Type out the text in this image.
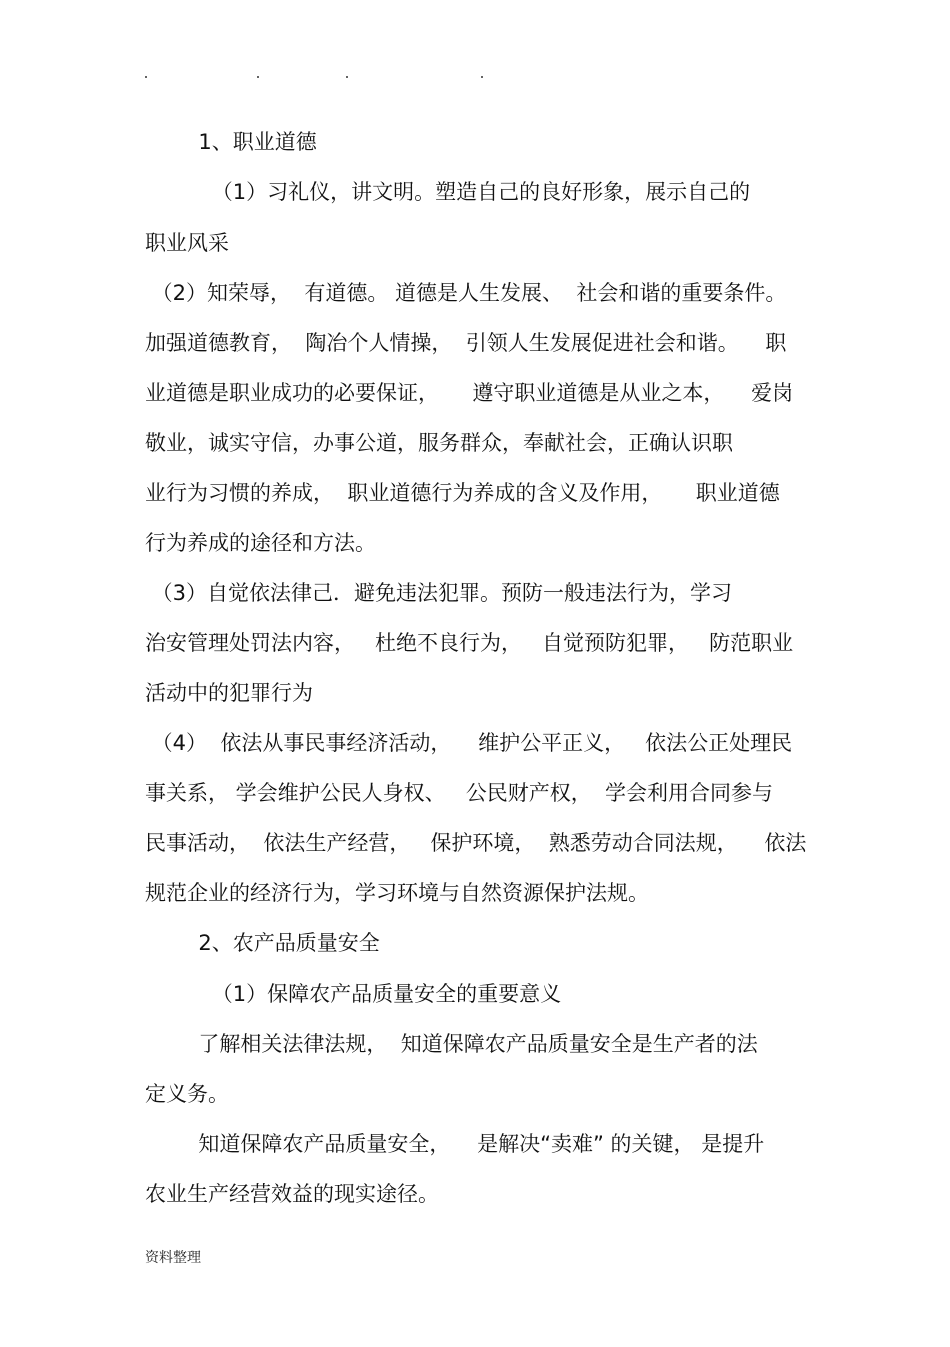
1、职业道德
（1）习礼仪，讲文明。塑造自己的良好形象，展示自己的
职业风采
（2）知荣辱，  有道德。 道德是人生发展、  社会和谐的重要条件。
加强道德教育，  陶冶个人情操，  引领人生发展促进社会和谐。    职
业道德是职业成功的必要保证，     遵守职业道德是从业之本，    爱岗
敬业，诚实守信，办事公道，服务群众，奉献社会，正确认识职
业行为习惯的养成，  职业道德行为养成的含义及作用，     职业道德
行为养成的途径和方法。
（3）自觉依法律己．避免违法犯罪。预防一般违法行为，学习
治安管理处罚法内容，   杜绝不良行为，   自觉预防犯罪，   防范职业
活动中的犯罪行为
（4）  依法从事民事经济活动，    维护公平正义，   依法公正处理民
事关系， 学会维护公民人身权、   公民财产权，  学会利用合同参与
民事活动，  依法生产经营，   保护环境，  熟悉劳动合同法规，    依法
规范企业的经济行为，学习环境与自然资源保护法规。
2、农产品质量安全
（1）保障农产品质量安全的重要意义
了解相关法律法规，  知道保障农产品质量安全是生产者的法
定义务。
知道保障农产品质量安全，    是解决“卖难” 的关键， 是提升
农业生产经营效益的现实途径。
资料整理
